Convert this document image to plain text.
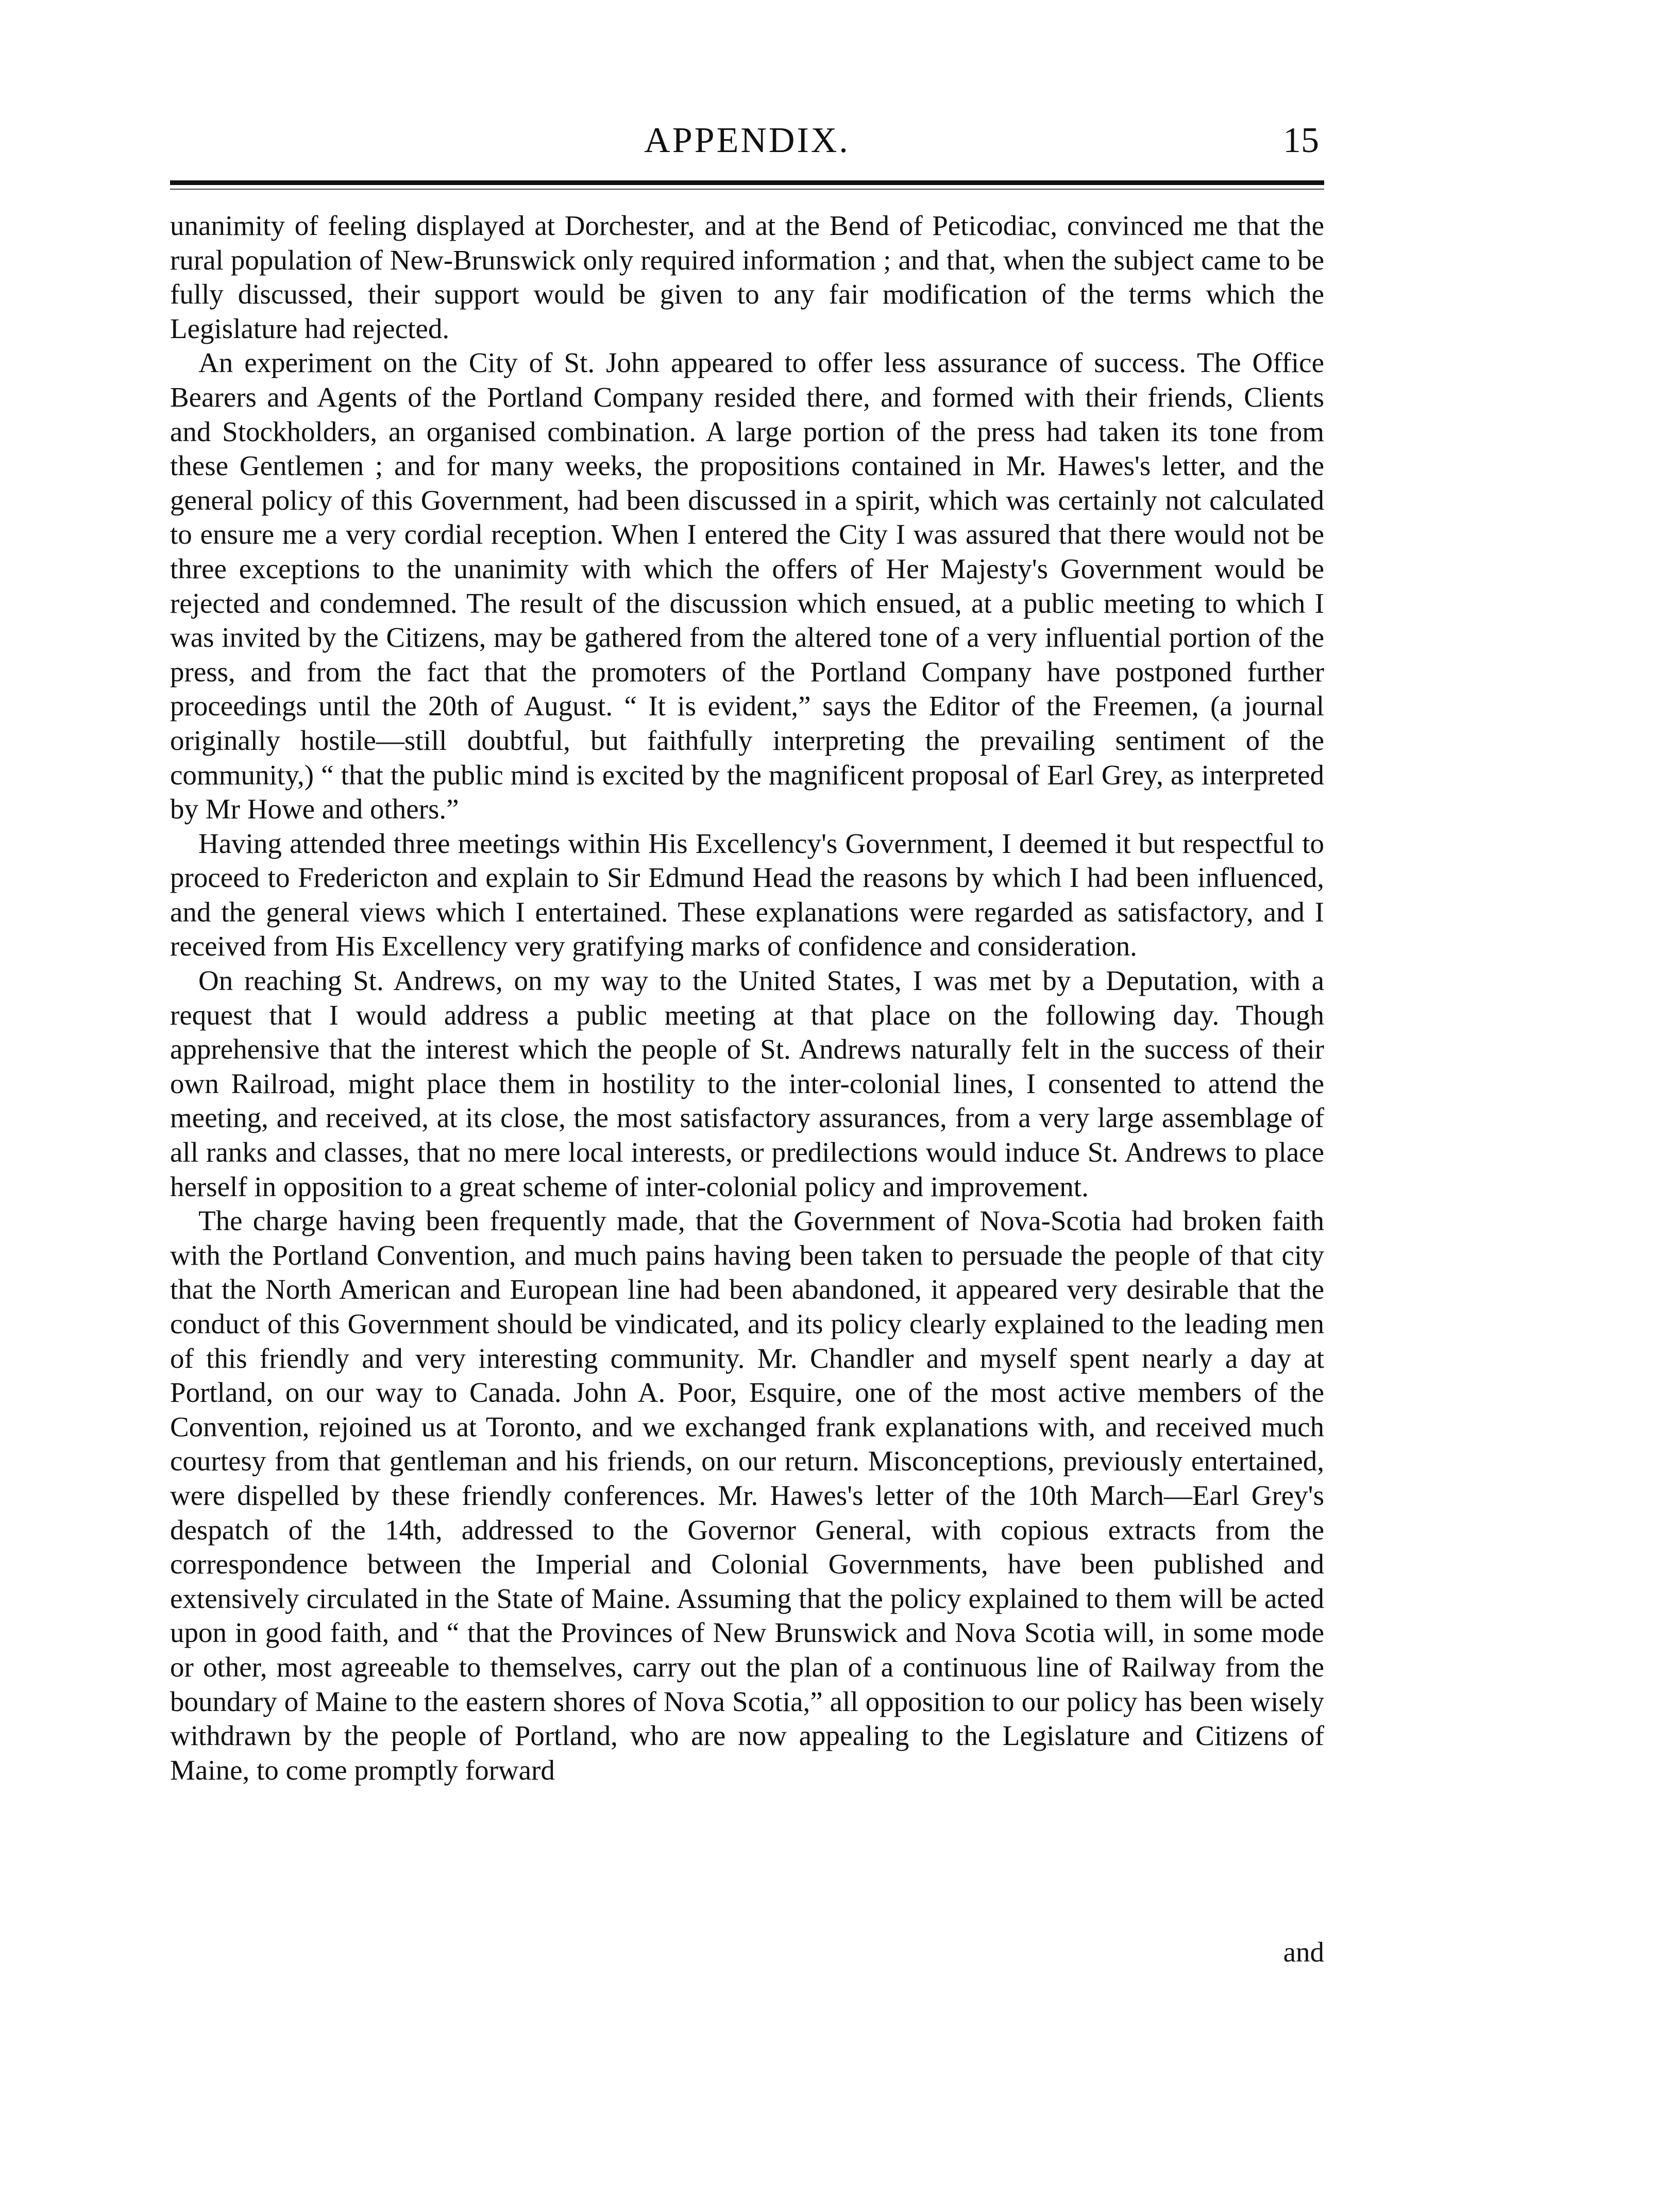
APPENDIX.	15

unanimity of feeling displayed at Dorchester, and at the Bend of Peticodiac, convinced me that the rural population of New-Brunswick only required information ; and that, when the subject came to be fully discussed, their support would be given to any fair modification of the terms which the Legislature had rejected.

An experiment on the City of St. John appeared to offer less assurance of success. The Office Bearers and Agents of the Portland Company resided there, and formed with their friends, Clients and Stockholders, an organised combination. A large portion of the press had taken its tone from these Gentlemen ; and for many weeks, the propositions contained in Mr. Hawes's letter, and the general policy of this Government, had been discussed in a spirit, which was certainly not calculated to ensure me a very cordial reception. When I entered the City I was assured that there would not be three exceptions to the unanimity with which the offers of Her Majesty's Government would be rejected and condemned. The result of the discussion which ensued, at a public meeting to which I was invited by the Citizens, may be gathered from the altered tone of a very influential portion of the press, and from the fact that the promoters of the Portland Company have postponed further proceedings until the 20th of August. “ It is evident,” says the Editor of the Freemen, (a journal originally hostile—still doubtful, but faithfully interpreting the prevailing sentiment of the community,) “ that the public mind is excited by the magnificent proposal of Earl Grey, as interpreted by Mr Howe and others.”

Having attended three meetings within His Excellency's Government, I deemed it but respectful to proceed to Fredericton and explain to Sir Edmund Head the reasons by which I had been influenced, and the general views which I entertained. These explanations were regarded as satisfactory, and I received from His Excellency very gratifying marks of confidence and consideration.

On reaching St. Andrews, on my way to the United States, I was met by a Deputation, with a request that I would address a public meeting at that place on the following day. Though apprehensive that the interest which the people of St. Andrews naturally felt in the success of their own Railroad, might place them in hostility to the inter-colonial lines, I consented to attend the meeting, and received, at its close, the most satisfactory assurances, from a very large assemblage of all ranks and classes, that no mere local interests, or predilections would induce St. Andrews to place herself in opposition to a great scheme of inter-colonial policy and improvement.

The charge having been frequently made, that the Government of Nova-Scotia had broken faith with the Portland Convention, and much pains having been taken to persuade the people of that city that the North American and European line had been abandoned, it appeared very desirable that the conduct of this Government should be vindicated, and its policy clearly explained to the leading men of this friendly and very interesting community. Mr. Chandler and myself spent nearly a day at Portland, on our way to Canada. John A. Poor, Esquire, one of the most active members of the Convention, rejoined us at Toronto, and we exchanged frank explanations with, and received much courtesy from that gentleman and his friends, on our return. Misconceptions, previously entertained, were dispelled by these friendly conferences. Mr. Hawes's letter of the 10th March—Earl Grey's despatch of the 14th, addressed to the Governor General, with copious extracts from the correspondence between the Imperial and Colonial Governments, have been published and extensively circulated in the State of Maine. Assuming that the policy explained to them will be acted upon in good faith, and “ that the Provinces of New Brunswick and Nova Scotia will, in some mode or other, most agreeable to themselves, carry out the plan of a continuous line of Railway from the boundary of Maine to the eastern shores of Nova Scotia,” all opposition to our policy has been wisely withdrawn by the people of Portland, who are now appealing to the Legislature and Citizens of Maine, to come promptly forward

and
